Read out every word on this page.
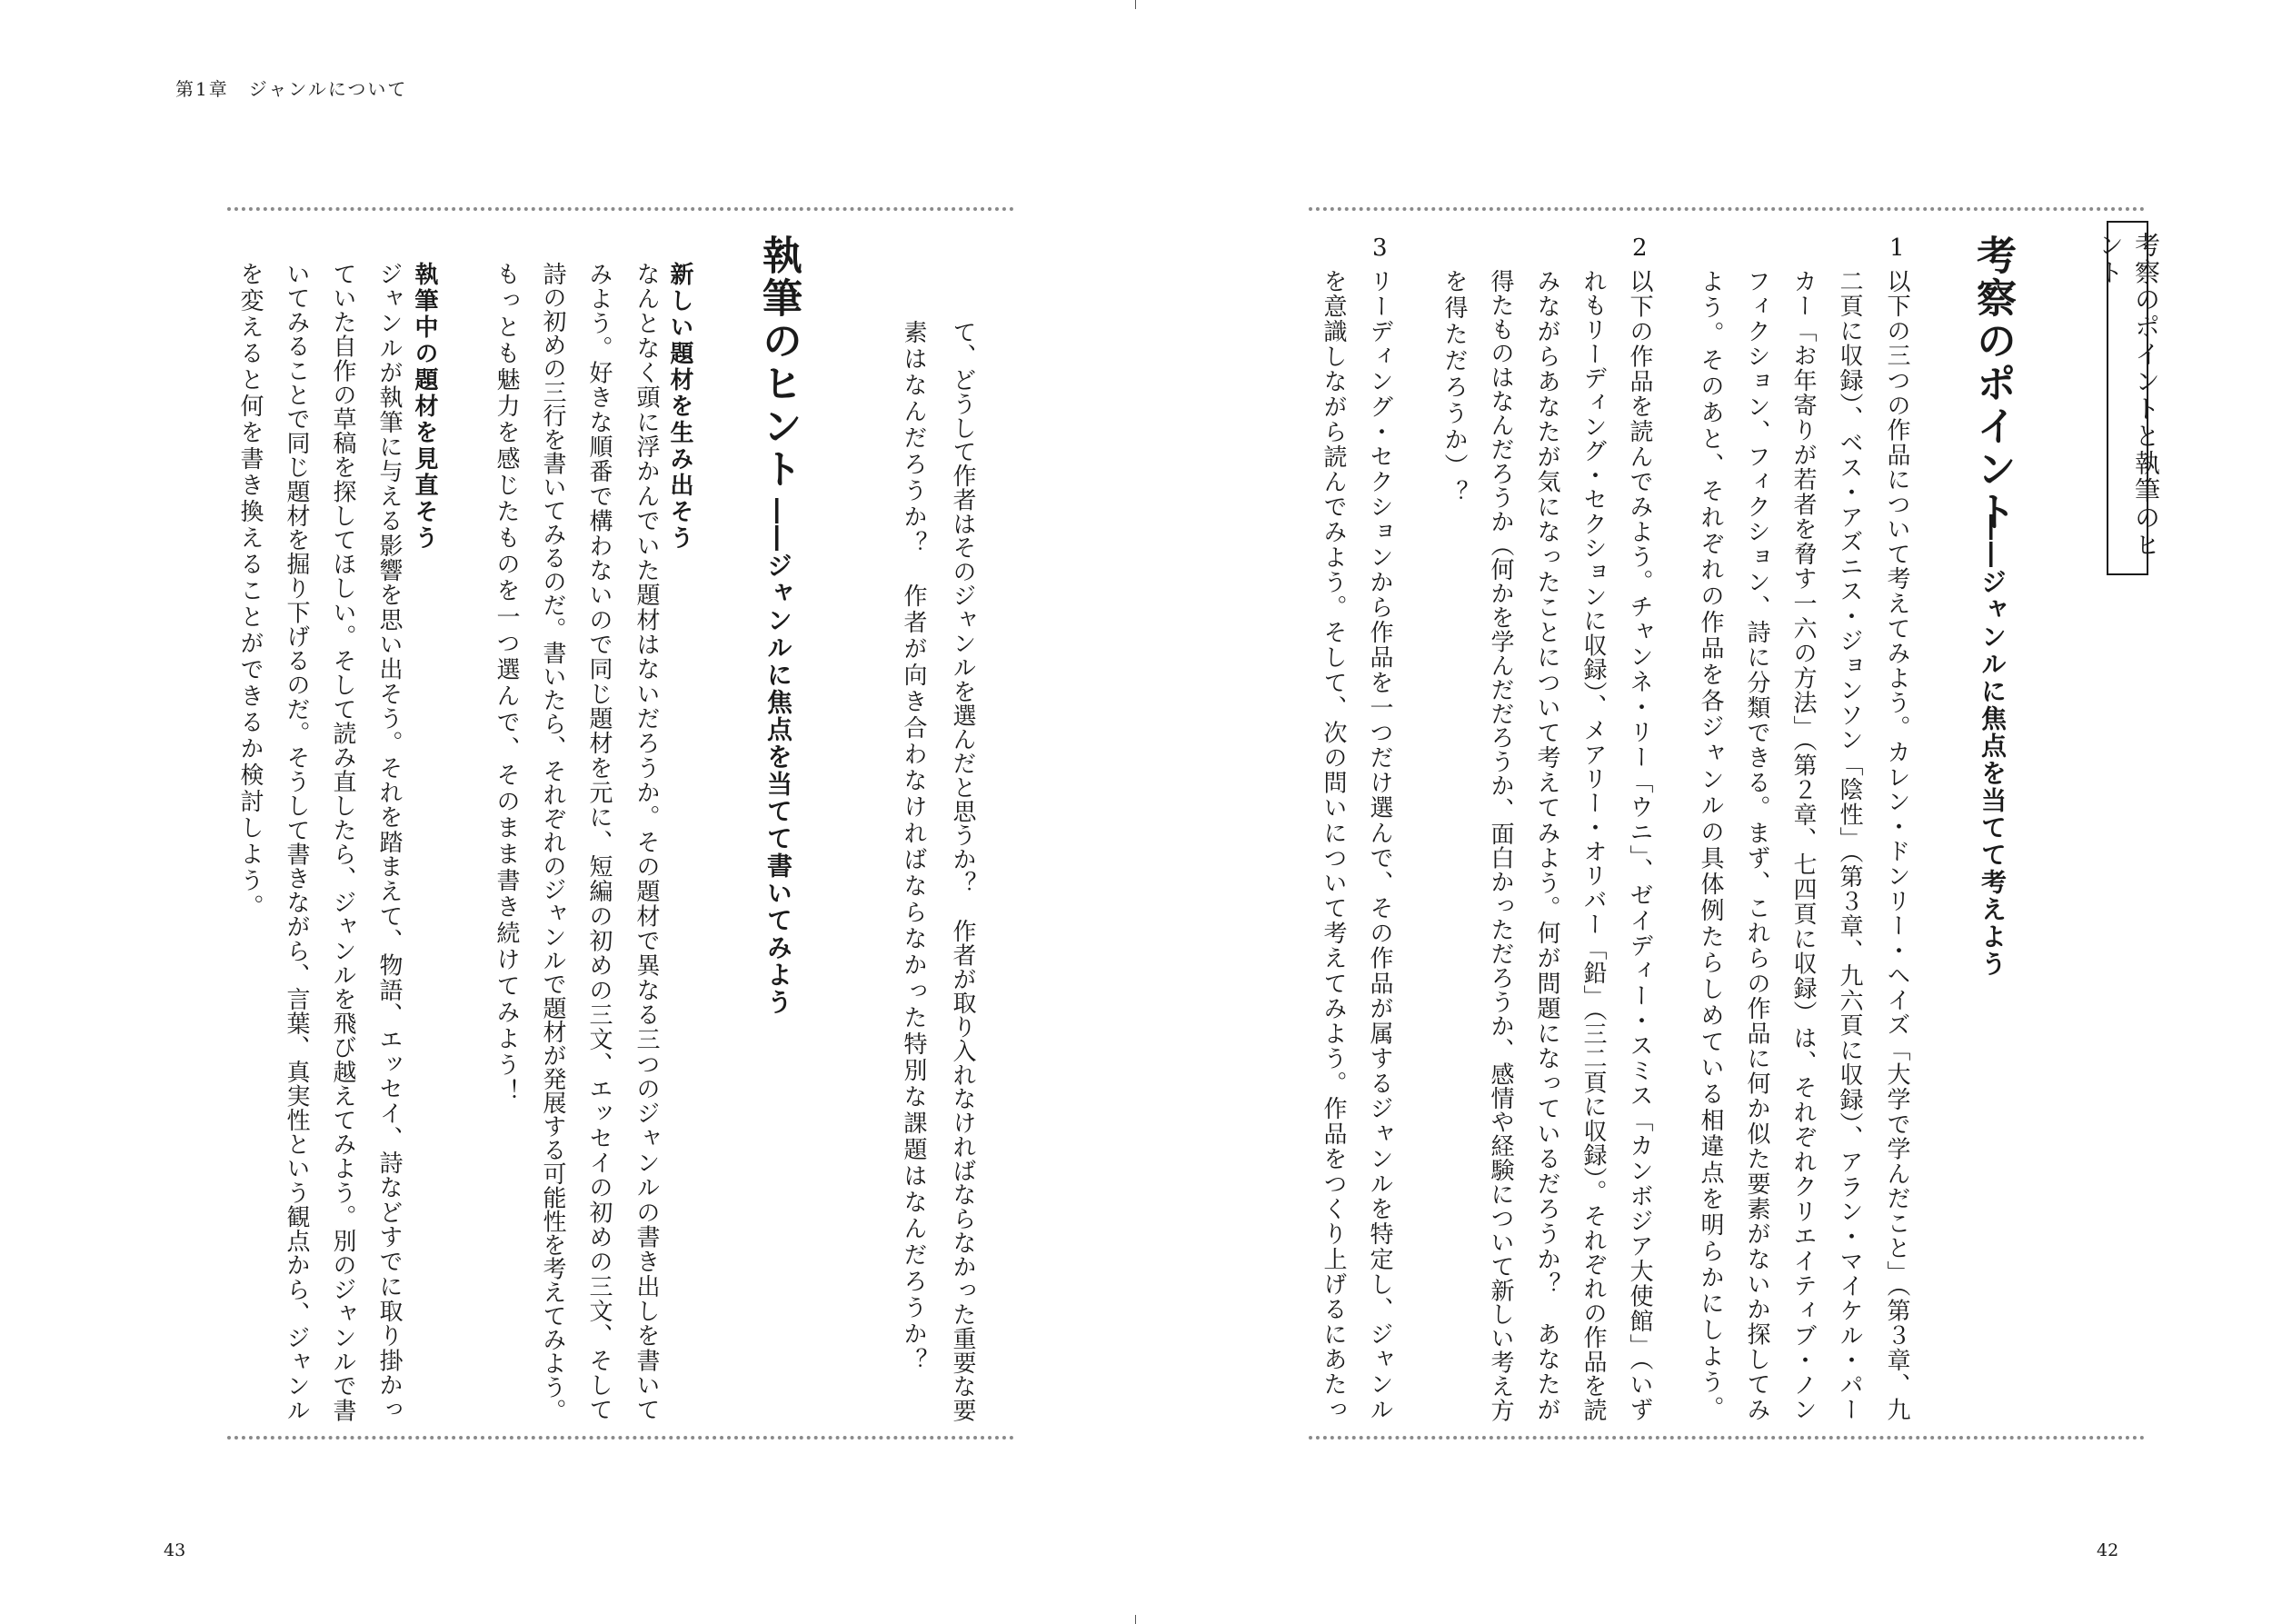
第1章　ジャンルについて
て、どうして作者はそのジャンルを選んだと思うか？　作者が取り入れなければならなかった重要な要
素はなんだろうか？　作者が向き合わなければならなかった特別な課題はなんだろうか？
執筆のヒント
――ジャンルに焦点を当てて書いてみよう
新しい題材を生み出そう
なんとなく頭に浮かんでいた題材はないだろうか。その題材で異なる三つのジャンルの書き出しを書いて
みよう。好きな順番で構わないので同じ題材を元に、短編の初めの三文、エッセイの初めの三文、そして
詩の初めの三行を書いてみるのだ。書いたら、それぞれのジャンルで題材が発展する可能性を考えてみよう。
もっとも魅力を感じたものを一つ選んで、そのまま書き続けてみよう！
執筆中の題材を見直そう
ジャンルが執筆に与える影響を思い出そう。それを踏まえて、物語、エッセイ、詩などすでに取り掛かっ
ていた自作の草稿を探してほしい。そして読み直したら、ジャンルを飛び越えてみよう。別のジャンルで書
いてみることで同じ題材を掘り下げるのだ。そうして書きながら、言葉、真実性という観点から、ジャンル
を変えると何を書き換えることができるか検討しよう。
43
考察のポイントと執筆のヒント
考察のポイント
――ジャンルに焦点を当てて考えよう
1
以下の三つの作品について考えてみよう。カレン・ドンリー・ヘイズ「大学で学んだこと」（第３章、九
二頁に収録）、ベス・アズニス・ジョンソン「陰性」（第３章、九六頁に収録）、アラン・マイケル・パー
カー「お年寄りが若者を脅す一六の方法」（第２章、七四頁に収録）は、それぞれクリエイティブ・ノン
フィクション、フィクション、詩に分類できる。まず、これらの作品に何か似た要素がないか探してみ
よう。そのあと、それぞれの作品を各ジャンルの具体例たらしめている相違点を明らかにしよう。
2
以下の作品を読んでみよう。チャンネ・リー「ウニ」、ゼイディー・スミス「カンボジア大使館」（いず
れもリーディング・セクションに収録）、メアリー・オリバー「鉛」（三二頁に収録）。それぞれの作品を読
みながらあなたが気になったことについて考えてみよう。何が問題になっているだろうか？　あなたが
得たものはなんだろうか（何かを学んだだろうか、面白かっただろうか、感情や経験について新しい考え方
を得ただろうか）？
3
リーディング・セクションから作品を一つだけ選んで、その作品が属するジャンルを特定し、ジャンル
を意識しながら読んでみよう。そして、次の問いについて考えてみよう。作品をつくり上げるにあたっ
42
